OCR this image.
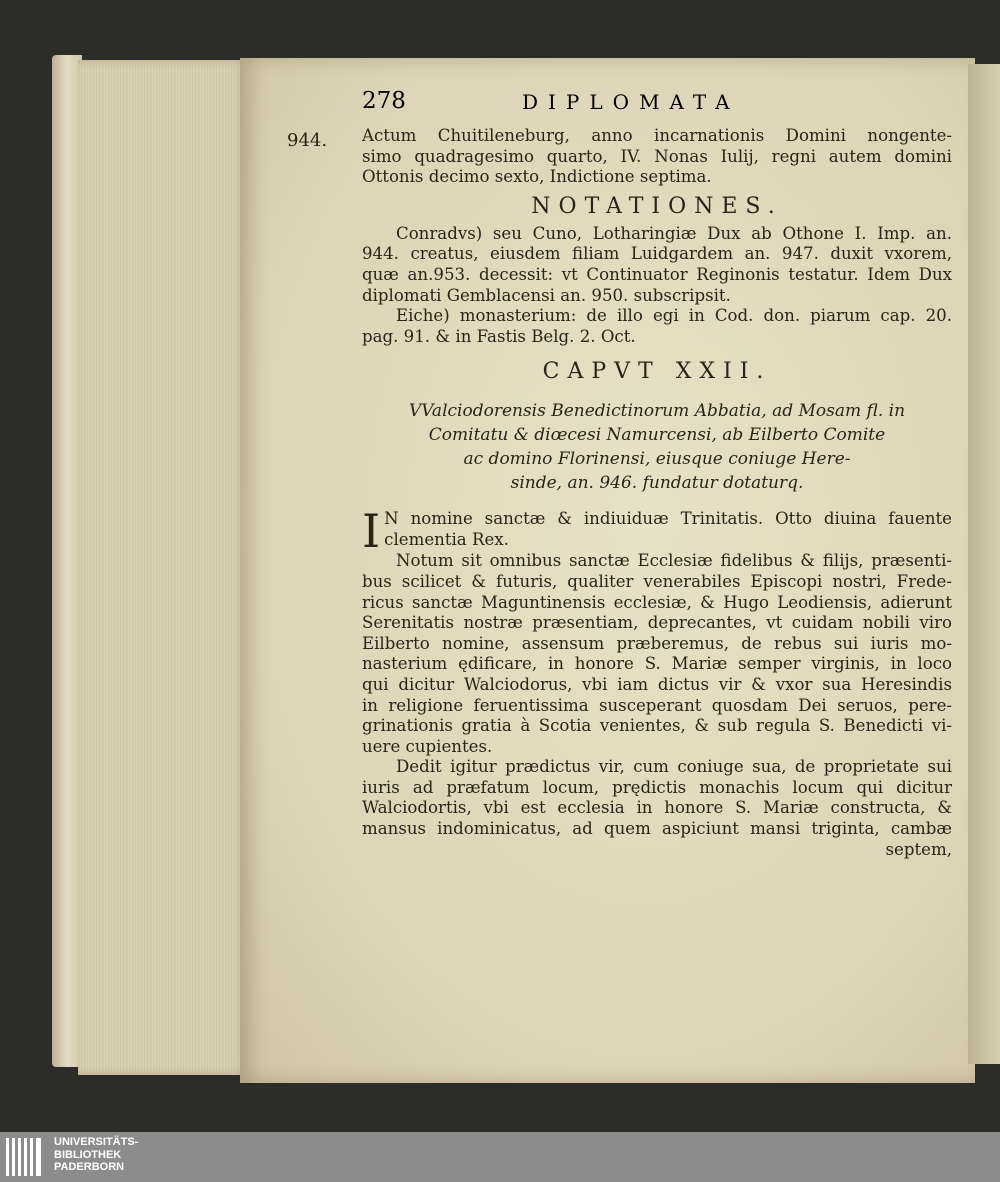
278	DIPLOMATA
944. Actum Chuitileneburg, anno incarnationis Domini nongente-
simo quadragesimo quarto, IV. Nonas Iulij, regni autem domini
Ottonis decimo sexto, Indictione septima.
NOTATIONES.
Conradvs) seu Cuno, Lotharingiæ Dux ab Othone I. Imp. an.
944. creatus, eiusdem filiam Luidgardem an. 947. duxit vxorem,
quæ an.953. decessit: vt Continuator Reginonis testatur. Idem Dux
diplomati Gemblacensi an. 950. subscripsit.
Eiche) monasterium: de illo egi in Cod. don. piarum cap. 20.
pag. 91. & in Fastis Belg. 2. Oct.
CAPVT XXII.
VValciodorensis Benedictinorum Abbatia, ad Mosam fl. in
Comitatu & diœcesi Namurcensi, ab Eilberto Comite
ac domino Florinensi, eiusque coniuge Here-
sinde, an. 946. fundatur dotaturq.
I N nomine sanctæ & indiuiduæ Trinitatis. Otto diuina fauente
clementia Rex.
Notum sit omnibus sanctæ Ecclesiæ fidelibus & filijs, præsenti-
bus scilicet & futuris, qualiter venerabiles Episcopi nostri, Frede-
ricus sanctæ Maguntinensis ecclesiæ, & Hugo Leodiensis, adierunt
Serenitatis nostræ præsentiam, deprecantes, vt cuidam nobili viro
Eilberto nomine, assensum præberemus, de rebus sui iuris mo-
nasterium ędificare, in honore S. Mariæ semper virginis, in loco
qui dicitur Walciodorus, vbi iam dictus vir & vxor sua Heresindis
in religione feruentissima susceperant quosdam Dei seruos, pere-
grinationis gratia à Scotia venientes, & sub regula S. Benedicti vi-
uere cupientes.
Dedit igitur prædictus vir, cum coniuge sua, de proprietate sui
iuris ad præfatum locum, prędictis monachis locum qui dicitur
Walciodortis, vbi est ecclesia in honore S. Mariæ constructa, &
mansus indominicatus, ad quem aspiciunt mansi triginta, cambæ
septem,
UNIVERSITÄTS-
BIBLIOTHEK
PADERBORN
